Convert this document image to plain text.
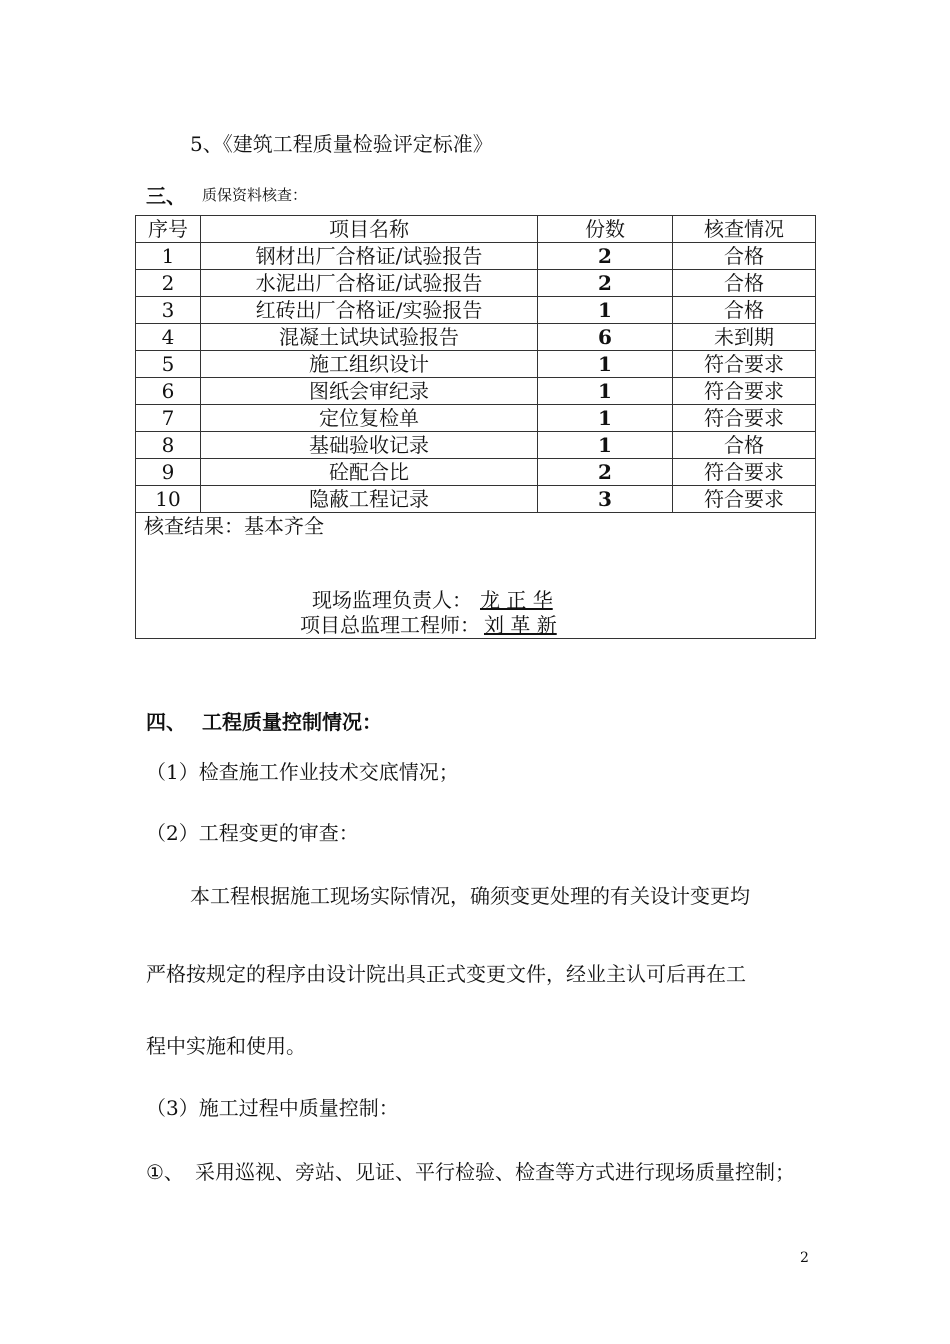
5、《建筑工程质量检验评定标准》
三、 质保资料核查：
序号	项目名称	份数	核查情况
1	钢材出厂合格证/试验报告	2	合格
2	水泥出厂合格证/试验报告	2	合格
3	红砖出厂合格证/实验报告	1	合格
4	混凝土试块试验报告	6	未到期
5	施工组织设计	1	符合要求
6	图纸会审纪录	1	符合要求
7	定位复检单	1	符合要求
8	基础验收记录	1	合格
9	砼配合比	2	符合要求
10	隐蔽工程记录	3	符合要求

核查结果：基本齐全
现场监理负责人： 龙 正 华
项目总监理工程师： 刘 革 新			
四、 工程质量控制情况：
（1）检查施工作业技术交底情况；
（2）工程变更的审查：
本工程根据施工现场实际情况，确须变更处理的有关设计变更均
严格按规定的程序由设计院出具正式变更文件，经业主认可后再在工
程中实施和使用。
（3）施工过程中质量控制：
①、 采用巡视、旁站、见证、平行检验、检查等方式进行现场质量控制；
2
